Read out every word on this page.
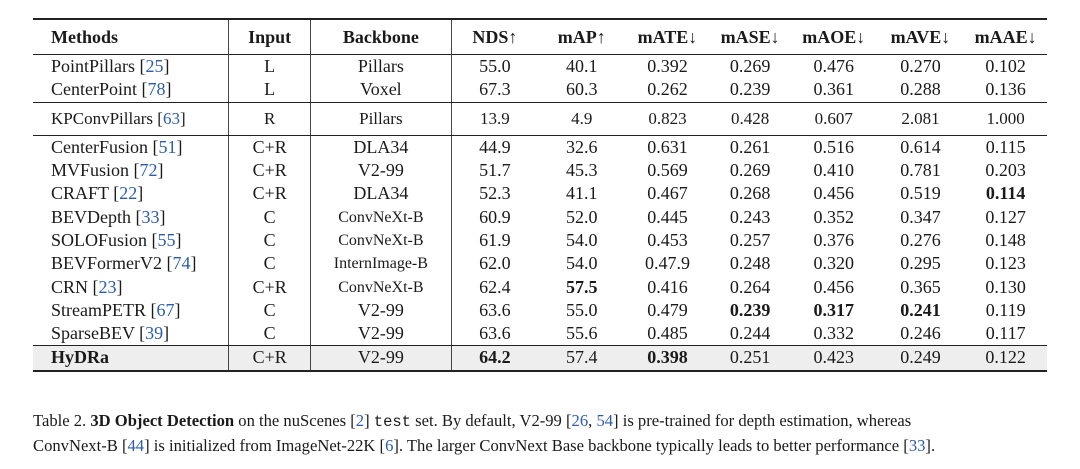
Methods	Input	Backbone	NDS↑	mAP↑	mATE↓	mASE↓	mAOE↓	mAVE↓	mAAE↓
PointPillars [25]	L	Pillars	55.0	40.1	0.392	0.269	0.476	0.270	0.102
CenterPoint [78]	L	Voxel	67.3	60.3	0.262	0.239	0.361	0.288	0.136
KPConvPillars [63]	R	Pillars	13.9	4.9	0.823	0.428	0.607	2.081	1.000
CenterFusion [51]	C+R	DLA34	44.9	32.6	0.631	0.261	0.516	0.614	0.115
MVFusion [72]	C+R	V2-99	51.7	45.3	0.569	0.269	0.410	0.781	0.203
CRAFT [22]	C+R	DLA34	52.3	41.1	0.467	0.268	0.456	0.519	0.114
BEVDepth [33]	C	ConvNeXt-B	60.9	52.0	0.445	0.243	0.352	0.347	0.127
SOLOFusion [55]	C	ConvNeXt-B	61.9	54.0	0.453	0.257	0.376	0.276	0.148
BEVFormerV2 [74]	C	InternImage-B	62.0	54.0	0.47.9	0.248	0.320	0.295	0.123
CRN [23]	C+R	ConvNeXt-B	62.4	57.5	0.416	0.264	0.456	0.365	0.130
StreamPETR [67]	C	V2-99	63.6	55.0	0.479	0.239	0.317	0.241	0.119
SparseBEV [39]	C	V2-99	63.6	55.6	0.485	0.244	0.332	0.246	0.117
HyDRa	C+R	V2-99	64.2	57.4	0.398	0.251	0.423	0.249	0.122
Table 2. 3D Object Detection on the nuScenes [2] test set. By default, V2-99 [26, 54] is pre-trained for depth estimation, whereas
ConvNext-B [44] is initialized from ImageNet-22K [6]. The larger ConvNext Base backbone typically leads to better performance [33].
